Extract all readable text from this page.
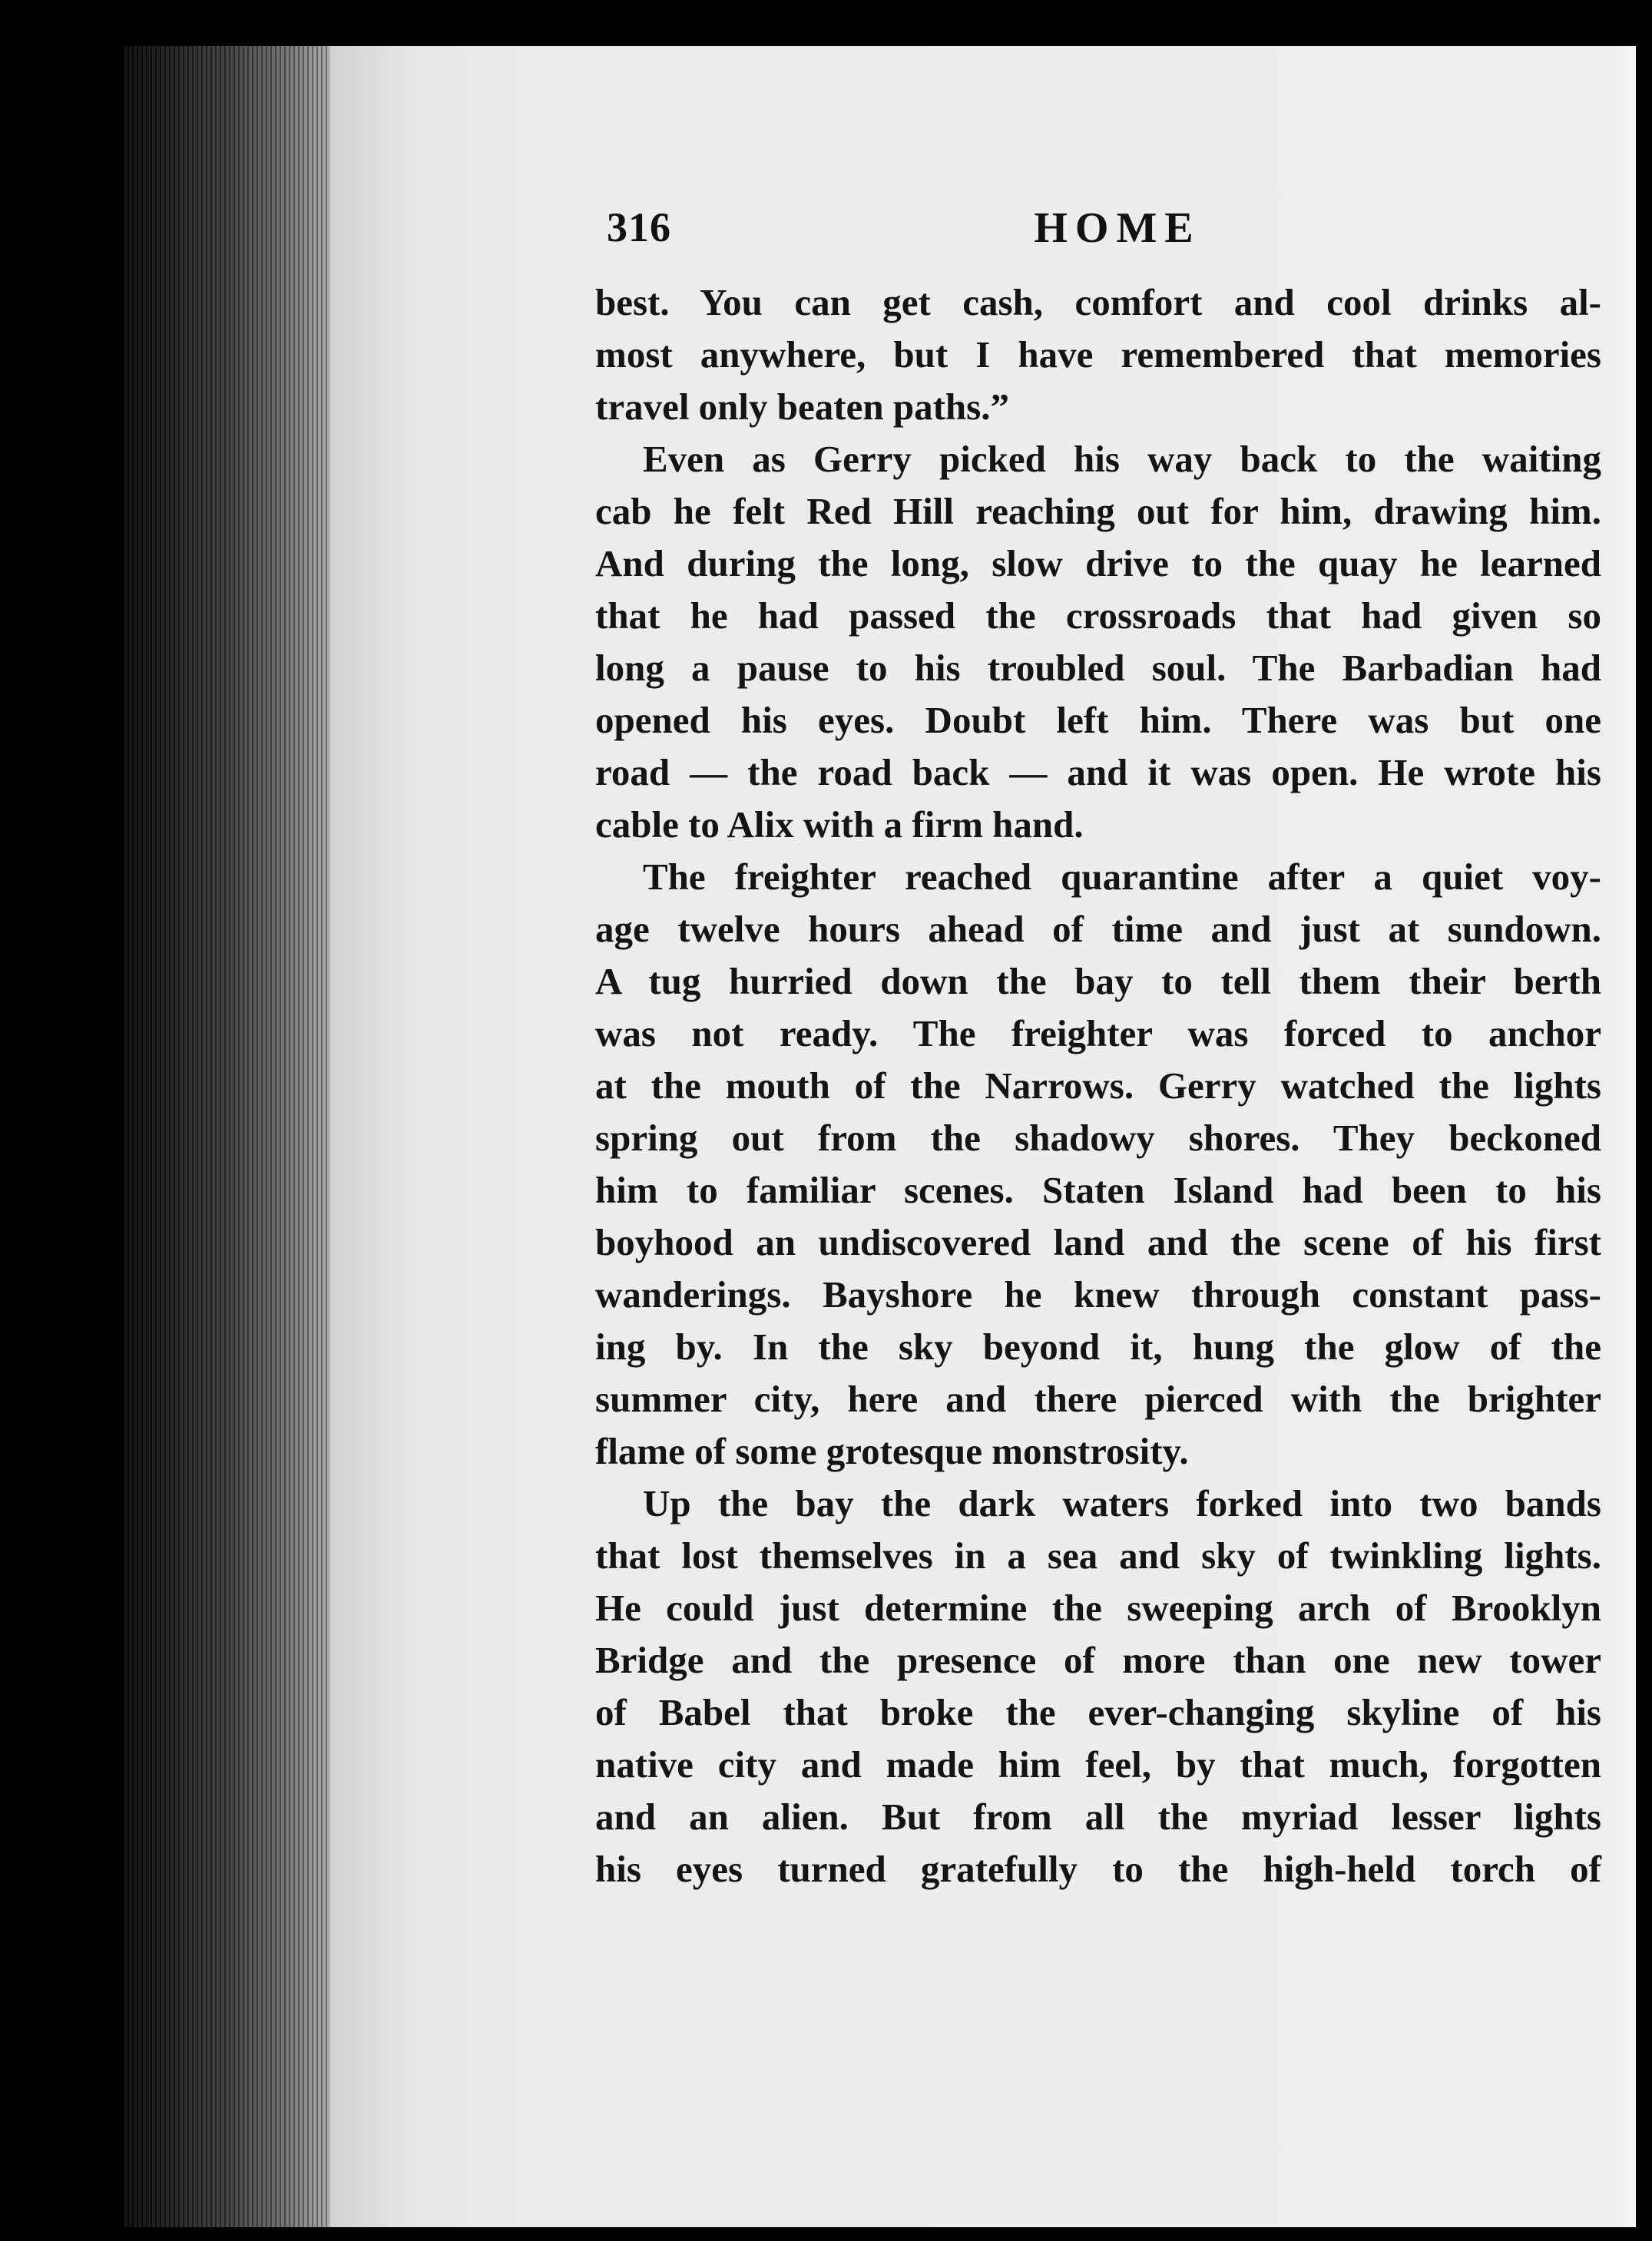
HOME
316
best. You can get cash, comfort and cool drinks al-
most anywhere, but I have remembered that memories
travel only beaten paths.”
Even as Gerry picked his way back to the waiting
cab he felt Red Hill reaching out for him, drawing him.
And during the long, slow drive to the quay he learned
that he had passed the crossroads that had given so
long a pause to his troubled soul. The Barbadian had
opened his eyes. Doubt left him. There was but one
road — the road back — and it was open. He wrote his
cable to Alix with a firm hand.
The freighter reached quarantine after a quiet voy-
age twelve hours ahead of time and just at sundown.
A tug hurried down the bay to tell them their berth
was not ready. The freighter was forced to anchor
at the mouth of the Narrows. Gerry watched the lights
spring out from the shadowy shores. They beckoned
him to familiar scenes. Staten Island had been to his
boyhood an undiscovered land and the scene of his first
wanderings. Bayshore he knew through constant pass-
ing by. In the sky beyond it, hung the glow of the
summer city, here and there pierced with the brighter
flame of some grotesque monstrosity.
Up the bay the dark waters forked into two bands
that lost themselves in a sea and sky of twinkling lights.
He could just determine the sweeping arch of Brooklyn
Bridge and the presence of more than one new tower
of Babel that broke the ever-changing skyline of his
native city and made him feel, by that much, forgotten
and an alien. But from all the myriad lesser lights
his eyes turned gratefully to the high-held torch of
